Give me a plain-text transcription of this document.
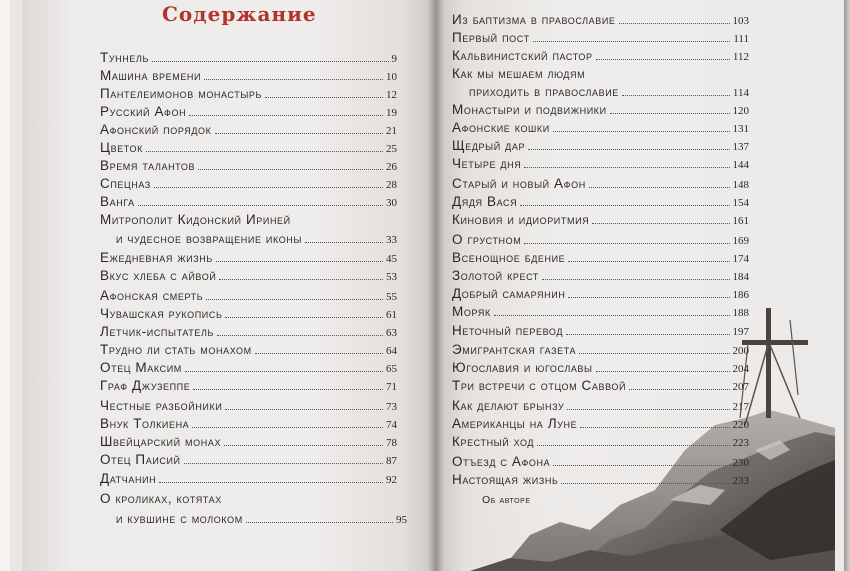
Содержание
Туннель	9
Машина времени	10
Пантелеимонов монастырь	12
Русский Афон	19
Афонский порядок	21
Цветок	25
Время талантов	26
Спецназ	28
Ванга	30
Митрополит Кидонский Ириней
и чудесное возвращение иконы	33
Ежедневная жизнь	45
Вкус хлеба с айвой	53
Афонская смерть	55
Чувашская рукопись	61
Летчик-испытатель	63
Трудно ли стать монахом	64
Отец Максим	65
Граф Джузеппе	71
Честные разбойники	73
Внук Толкиена	74
Швейцарский монах	78
Отец Паисий	87
Датчанин	92
О кроликах, котятах
и кувшине с молоком	95
Из баптизма в православие	103
Первый пост	111
Кальвинистский пастор	112
Как мы мешаем людям
приходить в православие	114
Монастыри и подвижники	120
Афонские кошки	131
Щедрый дар	137
Четыре дня	144
Старый и новый Афон	148
Дядя Вася	154
Киновия и идиоритмия	161
О грустном	169
Всенощное бдение	174
Золотой крест	184
Добрый самарянин	186
Моряк	188
Неточный перевод	197
Эмигрантская газета	200
Югославия и югославы	204
Три встречи с отцом Саввой	207
Как делают брынзу	217
Американцы на Луне	220
Крестный ход	223
Отъезд с Афона	230
Настоящая жизнь	233
Об авторе
